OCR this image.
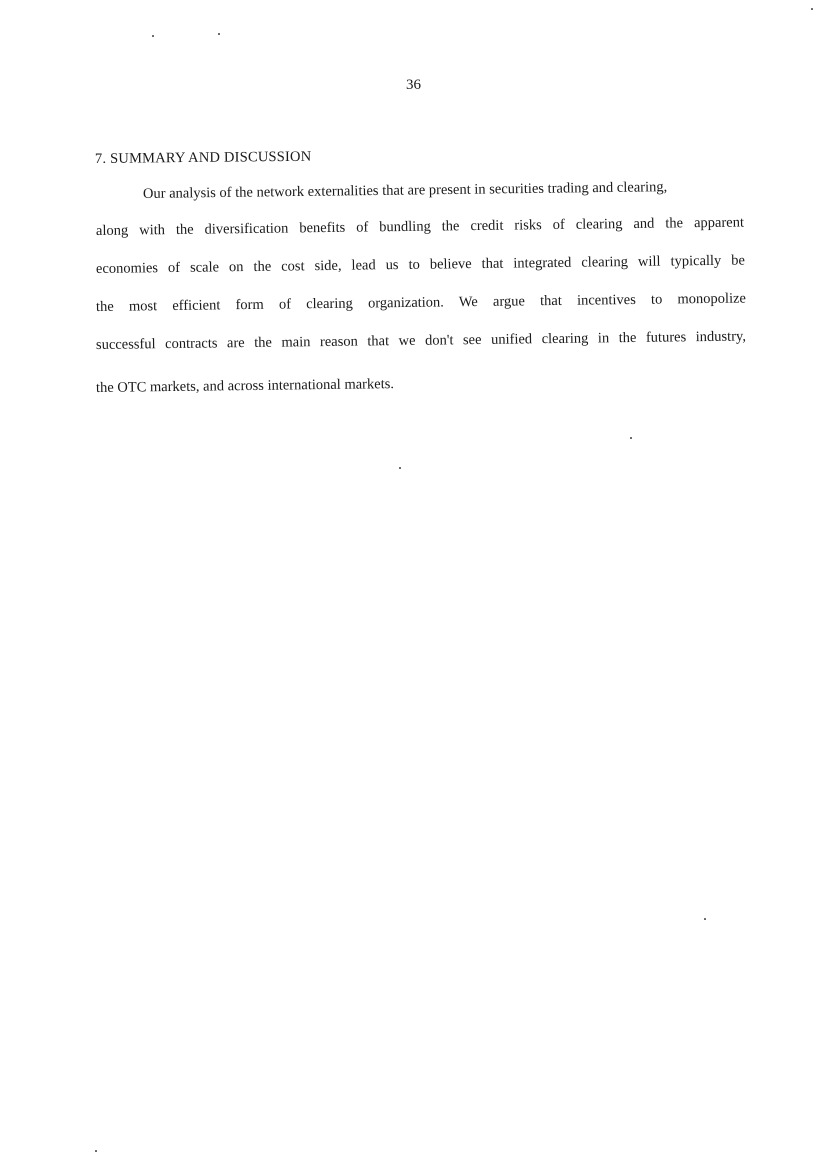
36
7. SUMMARY AND DISCUSSION
Our analysis of the network externalities that are present in securities trading and clearing,
along with the diversification benefits of bundling the credit risks of clearing and the apparent
economies of scale on the cost side, lead us to believe that integrated clearing will typically be
the most efficient form of clearing organization. We argue that incentives to monopolize
successful contracts are the main reason that we don't see unified clearing in the futures industry,
the OTC markets, and across international markets.
